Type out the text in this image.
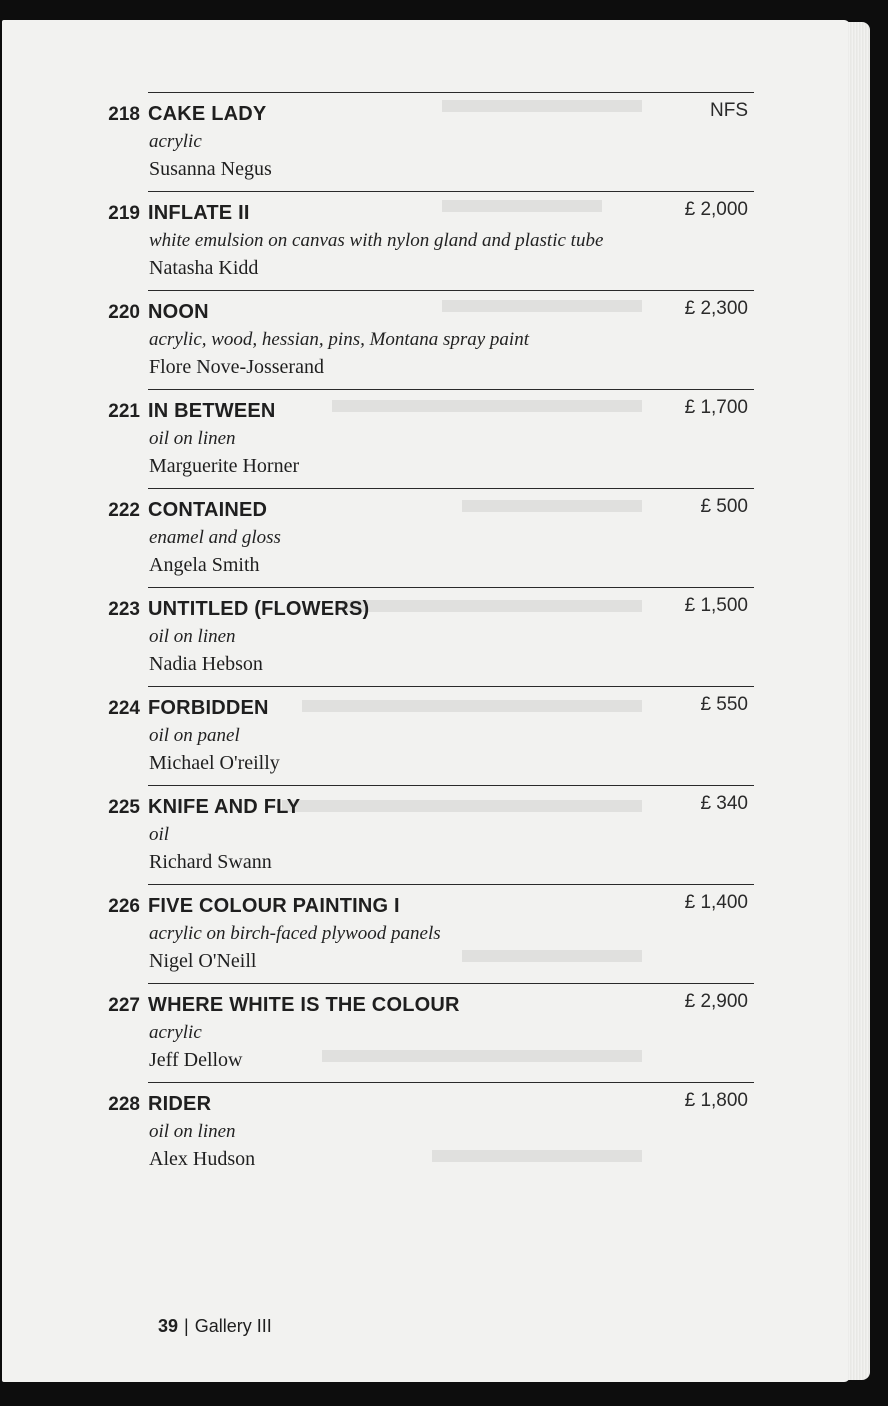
218 CAKE LADY
acrylic
Susanna Negus
NFS
219 INFLATE II
white emulsion on canvas with nylon gland and plastic tube
Natasha Kidd
£ 2,000
220 NOON
acrylic, wood, hessian, pins, Montana spray paint
Flore Nove-Josserand
£ 2,300
221 IN BETWEEN
oil on linen
Marguerite Horner
£ 1,700
222 CONTAINED
enamel and gloss
Angela Smith
£ 500
223 UNTITLED (FLOWERS)
oil on linen
Nadia Hebson
£ 1,500
224 FORBIDDEN
oil on panel
Michael O'reilly
£ 550
225 KNIFE AND FLY
oil
Richard Swann
£ 340
226 FIVE COLOUR PAINTING I
acrylic on birch-faced plywood panels
Nigel O'Neill
£ 1,400
227 WHERE WHITE IS THE COLOUR
acrylic
Jeff Dellow
£ 2,900
228 RIDER
oil on linen
Alex Hudson
£ 1,800
39 | Gallery III
